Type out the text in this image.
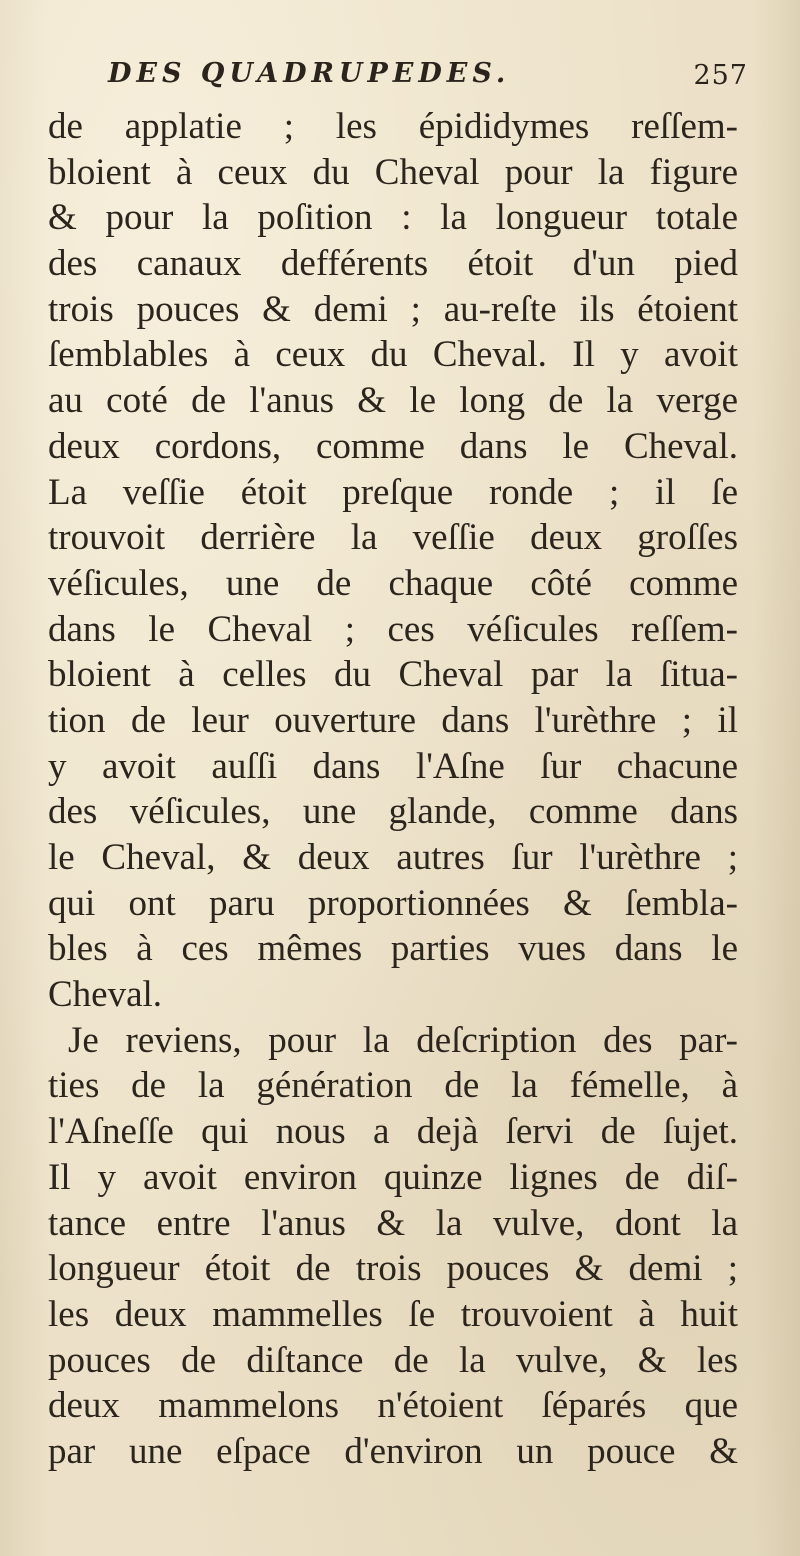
DES QUADRUPEDES.	257
de applatie ; les épididymes reſſem-
bloient à ceux du Cheval pour la figure
& pour la poſition : la longueur totale
des canaux defférents étoit d'un pied
trois pouces & demi ; au-reſte ils étoient
ſemblables à ceux du Cheval. Il y avoit
au coté de l'anus & le long de la verge
deux cordons, comme dans le Cheval.
La veſſie étoit preſque ronde ; il ſe
trouvoit derrière la veſſie deux groſſes
véſicules, une de chaque côté comme
dans le Cheval ; ces véſicules reſſem-
bloient à celles du Cheval par la ſitua-
tion de leur ouverture dans l'urèthre ; il
y avoit auſſi dans l'Aſne ſur chacune
des véſicules, une glande, comme dans
le Cheval, & deux autres ſur l'urèthre ;
qui ont paru proportionnées & ſembla-
bles à ces mêmes parties vues dans le
Cheval.
Je reviens, pour la deſcription des par-
ties de la génération de la fémelle, à
l'Aſneſſe qui nous a dejà ſervi de ſujet.
Il y avoit environ quinze lignes de diſ-
tance entre l'anus & la vulve, dont la
longueur étoit de trois pouces & demi ;
les deux mammelles ſe trouvoient à huit
pouces de diſtance de la vulve, & les
deux mammelons n'étoient ſéparés que
par une eſpace d'environ un pouce &
